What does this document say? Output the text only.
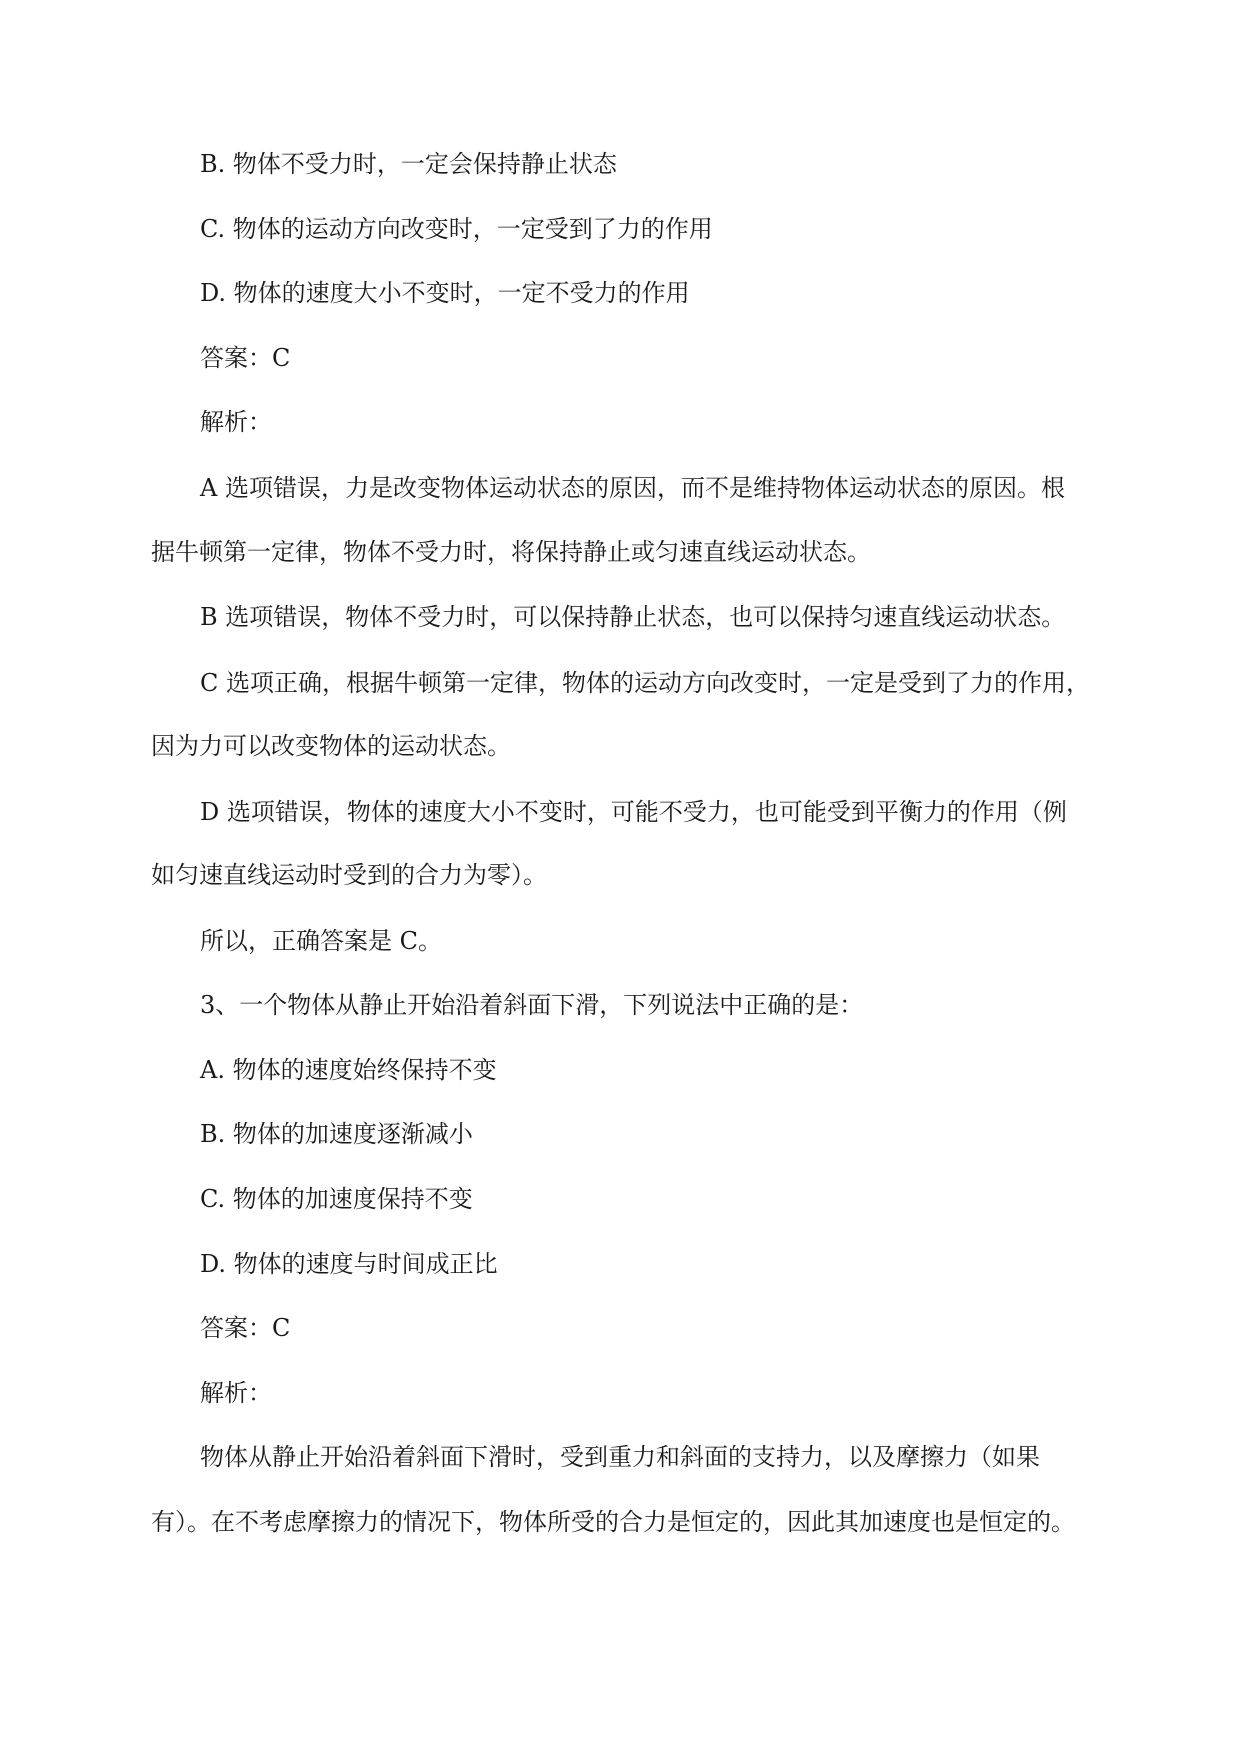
B. 物体不受力时，一定会保持静止状态

C. 物体的运动方向改变时，一定受到了力的作用

D. 物体的速度大小不变时，一定不受力的作用

答案：C

解析：

A 选项错误，力是改变物体运动状态的原因，而不是维持物体运动状态的原因。根

据牛顿第一定律，物体不受力时，将保持静止或匀速直线运动状态。

B 选项错误，物体不受力时，可以保持静止状态，也可以保持匀速直线运动状态。

C 选项正确，根据牛顿第一定律，物体的运动方向改变时，一定是受到了力的作用，

因为力可以改变物体的运动状态。

D 选项错误，物体的速度大小不变时，可能不受力，也可能受到平衡力的作用（例

如匀速直线运动时受到的合力为零）。

所以，正确答案是 C。

3、一个物体从静止开始沿着斜面下滑，下列说法中正确的是：

A. 物体的速度始终保持不变

B. 物体的加速度逐渐减小

C. 物体的加速度保持不变

D. 物体的速度与时间成正比

答案：C

解析：

物体从静止开始沿着斜面下滑时，受到重力和斜面的支持力，以及摩擦力（如果

有）。在不考虑摩擦力的情况下，物体所受的合力是恒定的，因此其加速度也是恒定的。
